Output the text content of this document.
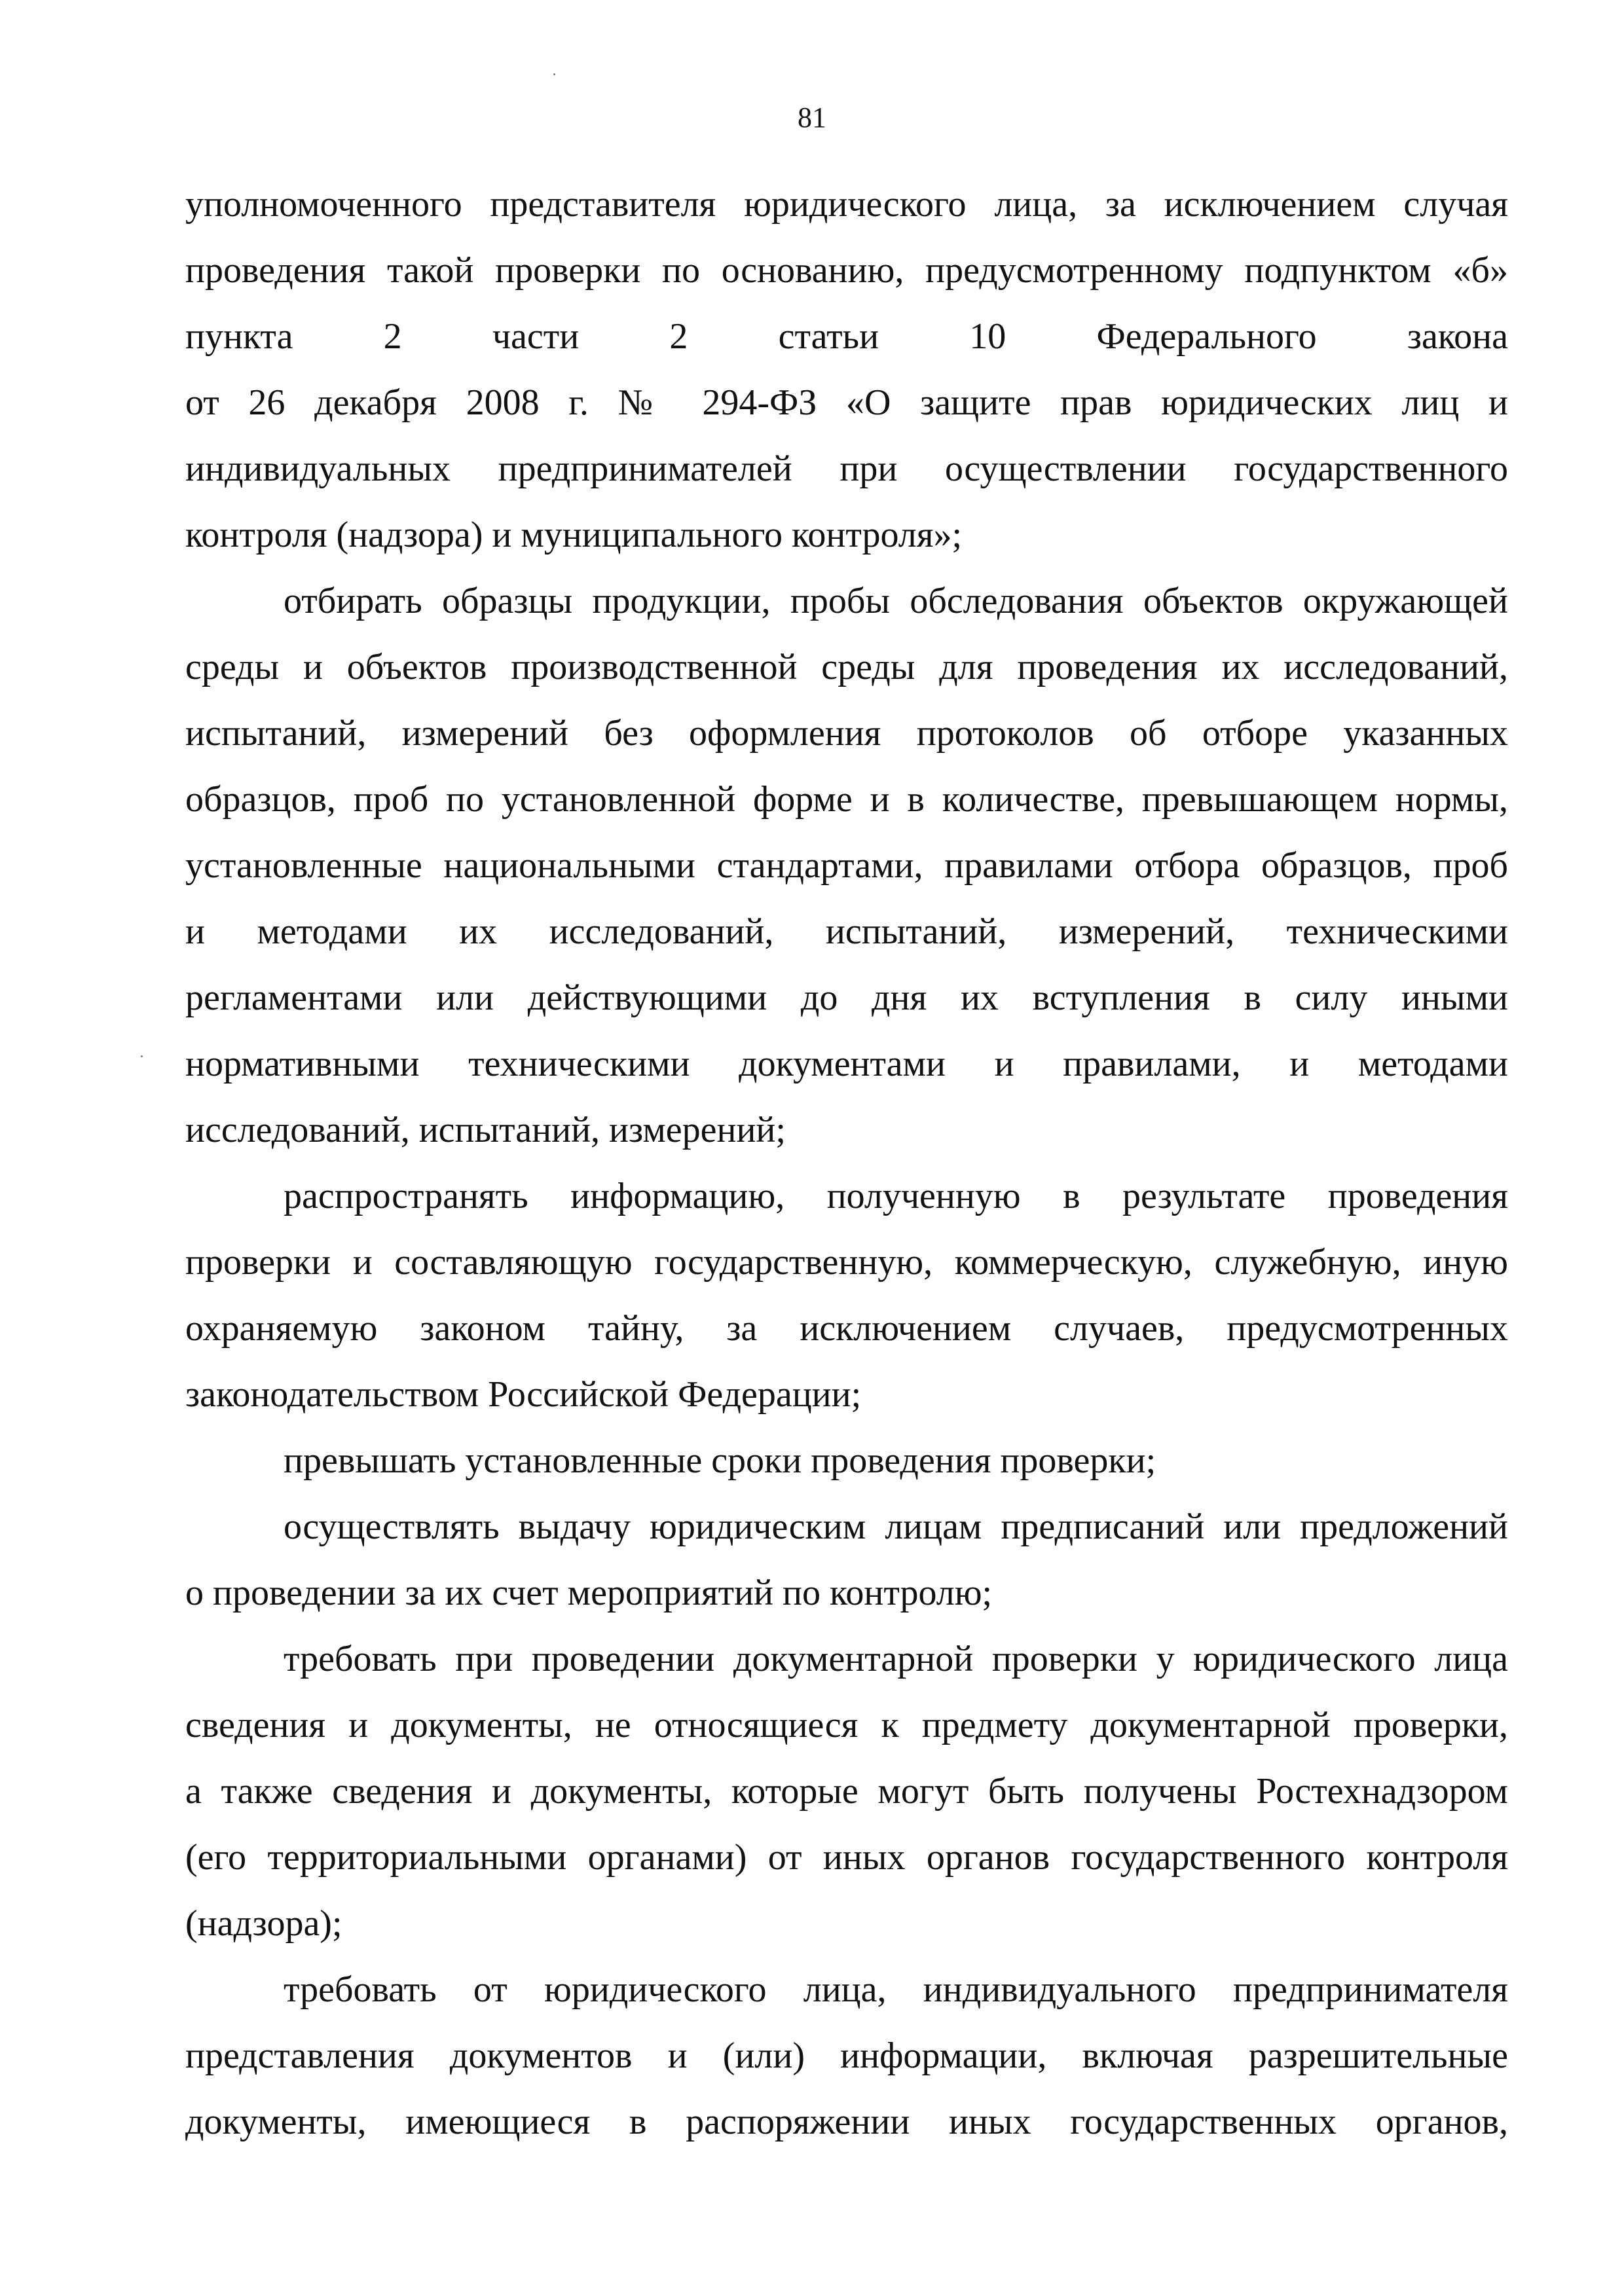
81
уполномоченного представителя юридического лица, за исключением случая
проведения такой проверки по основанию, предусмотренному подпунктом «б»
пункта 2 части 2 статьи 10 Федерального закона
от 26 декабря 2008 г. № 294-ФЗ «О защите прав юридических лиц и
индивидуальных предпринимателей при осуществлении государственного
контроля (надзора) и муниципального контроля»;
отбирать образцы продукции, пробы обследования объектов окружающей
среды и объектов производственной среды для проведения их исследований,
испытаний, измерений без оформления протоколов об отборе указанных
образцов, проб по установленной форме и в количестве, превышающем нормы,
установленные национальными стандартами, правилами отбора образцов, проб
и методами их исследований, испытаний, измерений, техническими
регламентами или действующими до дня их вступления в силу иными
нормативными техническими документами и правилами, и методами
исследований, испытаний, измерений;
распространять информацию, полученную в результате проведения
проверки и составляющую государственную, коммерческую, служебную, иную
охраняемую законом тайну, за исключением случаев, предусмотренных
законодательством Российской Федерации;
превышать установленные сроки проведения проверки;
осуществлять выдачу юридическим лицам предписаний или предложений
о проведении за их счет мероприятий по контролю;
требовать при проведении документарной проверки у юридического лица
сведения и документы, не относящиеся к предмету документарной проверки,
а также сведения и документы, которые могут быть получены Ростехнадзором
(его территориальными органами) от иных органов государственного контроля
(надзора);
требовать от юридического лица, индивидуального предпринимателя
представления документов и (или) информации, включая разрешительные
документы, имеющиеся в распоряжении иных государственных органов,
